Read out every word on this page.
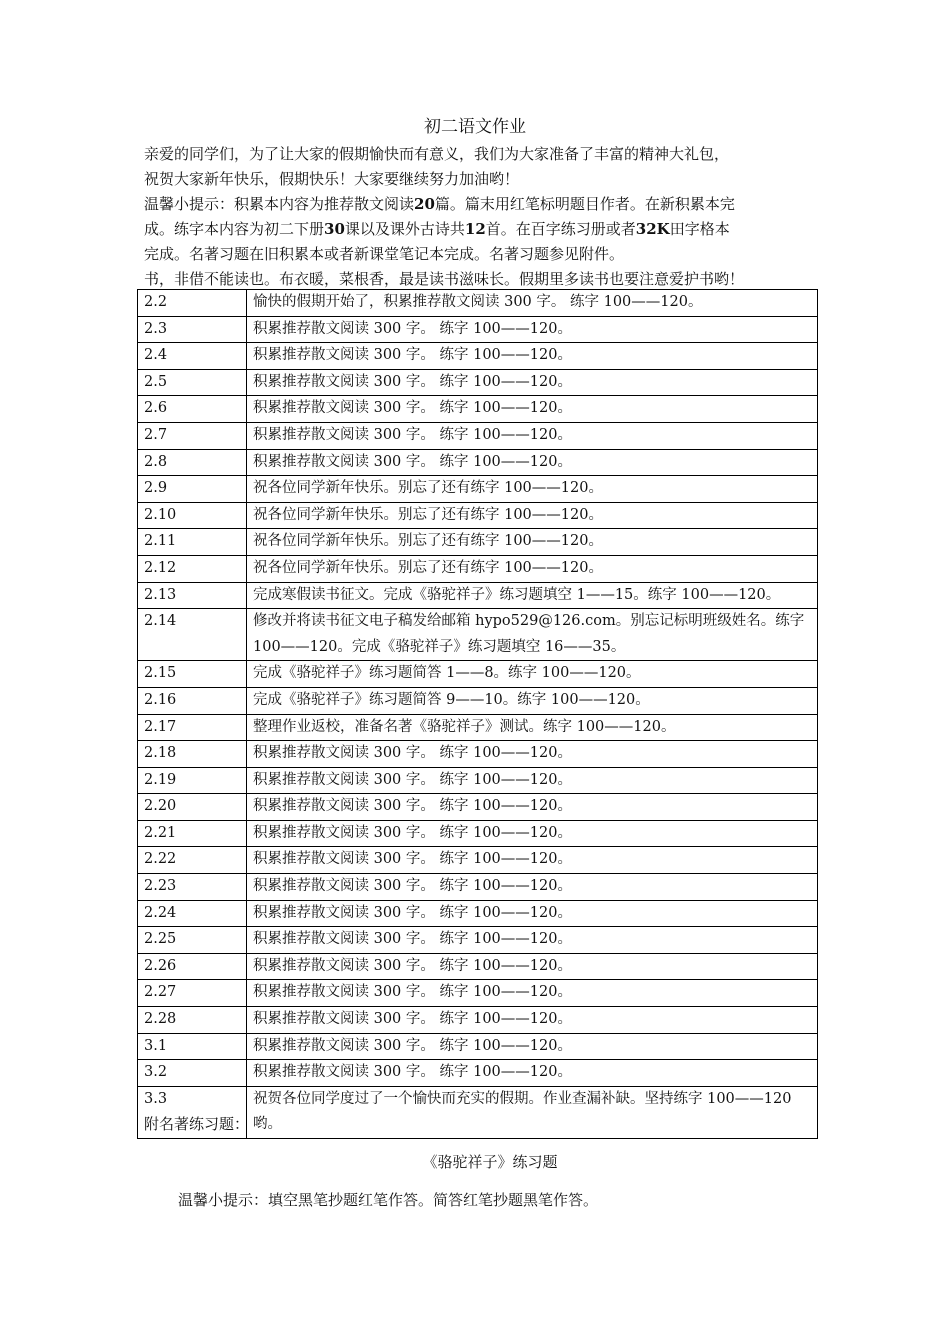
初二语文作业

亲爱的同学们，为了让大家的假期愉快而有意义，我们为大家准备了丰富的精神大礼包，

祝贺大家新年快乐，假期快乐！大家要继续努力加油哟！

温馨小提示：积累本内容为推荐散文阅读20篇。篇末用红笔标明题目作者。在新积累本完

成。练字本内容为初二下册30课以及课外古诗共12首。在百字练习册或者32K田字格本

完成。名著习题在旧积累本或者新课堂笔记本完成。名著习题参见附件。

书，非借不能读也。布衣暖，菜根香，最是读书滋味长。假期里多读书也要注意爱护书哟！

2.2	愉快的假期开始了，积累推荐散文阅读 300 字。 练字 100——120。
2.3	积累推荐散文阅读 300 字。 练字 100——120。
2.4	积累推荐散文阅读 300 字。 练字 100——120。
2.5	积累推荐散文阅读 300 字。 练字 100——120。
2.6	积累推荐散文阅读 300 字。 练字 100——120。
2.7	积累推荐散文阅读 300 字。 练字 100——120。
2.8	积累推荐散文阅读 300 字。 练字 100——120。
2.9	祝各位同学新年快乐。别忘了还有练字 100——120。
2.10	祝各位同学新年快乐。别忘了还有练字 100——120。
2.11	祝各位同学新年快乐。别忘了还有练字 100——120。
2.12	祝各位同学新年快乐。别忘了还有练字 100——120。
2.13	完成寒假读书征文。完成《骆驼祥子》练习题填空 1——15。练字 100——120。
2.14	修改并将读书征文电子稿发给邮箱 hypo529@126.com。别忘记标明班级姓名。练字 100——120。完成《骆驼祥子》练习题填空 16——35。
2.15	完成《骆驼祥子》练习题简答 1——8。练字 100——120。
2.16	完成《骆驼祥子》练习题简答 9——10。练字 100——120。
2.17	整理作业返校，准备名著《骆驼祥子》测试。练字 100——120。
2.18	积累推荐散文阅读 300 字。 练字 100——120。
2.19	积累推荐散文阅读 300 字。 练字 100——120。
2.20	积累推荐散文阅读 300 字。 练字 100——120。
2.21	积累推荐散文阅读 300 字。 练字 100——120。
2.22	积累推荐散文阅读 300 字。 练字 100——120。
2.23	积累推荐散文阅读 300 字。 练字 100——120。
2.24	积累推荐散文阅读 300 字。 练字 100——120。
2.25	积累推荐散文阅读 300 字。 练字 100——120。
2.26	积累推荐散文阅读 300 字。 练字 100——120。
2.27	积累推荐散文阅读 300 字。 练字 100——120。
2.28	积累推荐散文阅读 300 字。 练字 100——120。
3.1	积累推荐散文阅读 300 字。 练字 100——120。
3.2	积累推荐散文阅读 300 字。 练字 100——120。
3.3	祝贺各位同学度过了一个愉快而充实的假期。作业查漏补缺。坚持练字 100——120 哟。
附名著练习题：
《骆驼祥子》练习题
温馨小提示：填空黑笔抄题红笔作答。简答红笔抄题黑笔作答。
